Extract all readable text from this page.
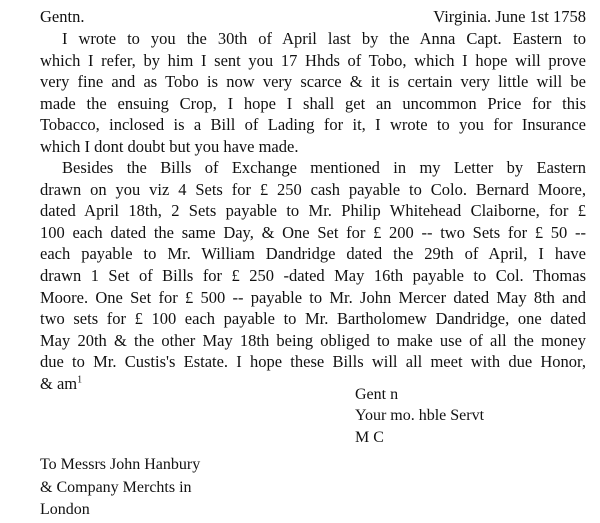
Gentn.	Virginia. June 1st 1758
I wrote to you the 30th of April last by the Anna Capt. Eastern to
which I refer, by him I sent you 17 Hhds of Tobo, which I hope will prove
very fine and as Tobo is now very scarce & it is certain very little will be
made the ensuing Crop, I hope I shall get an uncommon Price for this
Tobacco, inclosed is a Bill of Lading for it, I wrote to you for Insurance
which I dont doubt but you have made.
Besides the Bills of Exchange mentioned in my Letter by Eastern
drawn on you viz 4 Sets for £ 250 cash payable to Colo. Bernard Moore,
dated April 18th, 2 Sets payable to Mr. Philip Whitehead Claiborne, for £
100 each dated the same Day, & One Set for £ 200 -- two Sets for £ 50 --
each payable to Mr. William Dandridge dated the 29th of April, I have
drawn 1 Set of Bills for £ 250 -dated May 16th payable to Col. Thomas
Moore. One Set for £ 500 -- payable to Mr. John Mercer dated May 8th and
two sets for £ 100 each payable to Mr. Bartholomew Dandridge, one dated
May 20th & the other May 18th being obliged to make use of all the money
due to Mr. Custis's Estate. I hope these Bills will all meet with due Honor,
& $am^1$
Gent n
Your mo. hble Servt
M C
To Messrs John Hanbury
& Company Merchts in
London
